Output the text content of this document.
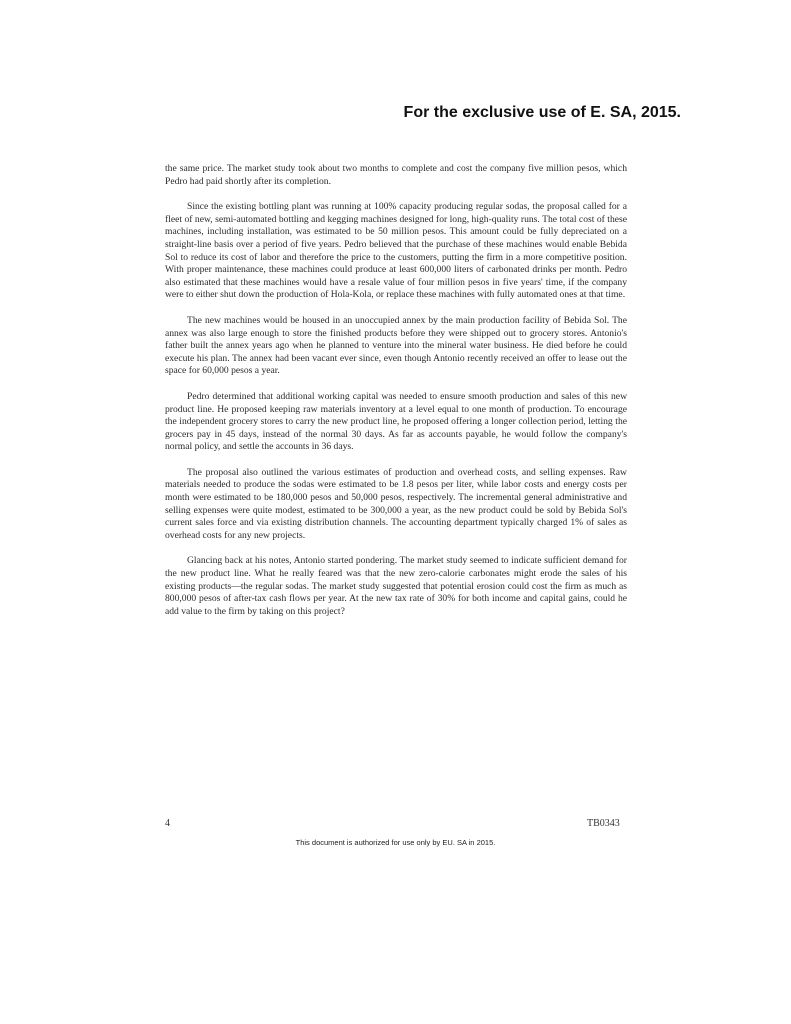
For the exclusive use of E. SA, 2015.

the same price. The market study took about two months to complete and cost the company five million pesos, which Pedro had paid shortly after its completion.

Since the existing bottling plant was running at 100% capacity producing regular sodas, the proposal called for a fleet of new, semi-automated bottling and kegging machines designed for long, high-quality runs. The total cost of these machines, including installation, was estimated to be 50 million pesos. This amount could be fully depreciated on a straight-line basis over a period of five years. Pedro believed that the purchase of these machines would enable Bebida Sol to reduce its cost of labor and therefore the price to the customers, putting the firm in a more competitive position. With proper maintenance, these machines could produce at least 600,000 liters of carbonated drinks per month. Pedro also estimated that these machines would have a resale value of four million pesos in five years' time, if the company were to either shut down the production of Hola-Kola, or replace these machines with fully automated ones at that time.

The new machines would be housed in an unoccupied annex by the main production facility of Bebida Sol. The annex was also large enough to store the finished products before they were shipped out to grocery stores. Antonio's father built the annex years ago when he planned to venture into the mineral water business. He died before he could execute his plan. The annex had been vacant ever since, even though Antonio recently received an offer to lease out the space for 60,000 pesos a year.

Pedro determined that additional working capital was needed to ensure smooth production and sales of this new product line. He proposed keeping raw materials inventory at a level equal to one month of production. To encourage the independent grocery stores to carry the new product line, he proposed offering a longer collection period, letting the grocers pay in 45 days, instead of the normal 30 days. As far as accounts payable, he would follow the company's normal policy, and settle the accounts in 36 days.

The proposal also outlined the various estimates of production and overhead costs, and selling expenses. Raw materials needed to produce the sodas were estimated to be 1.8 pesos per liter, while labor costs and energy costs per month were estimated to be 180,000 pesos and 50,000 pesos, respectively. The incremental general administrative and selling expenses were quite modest, estimated to be 300,000 a year, as the new product could be sold by Bebida Sol's current sales force and via existing distribution channels. The accounting department typically charged 1% of sales as overhead costs for any new projects.

Glancing back at his notes, Antonio started pondering. The market study seemed to indicate sufficient demand for the new product line. What he really feared was that the new zero-calorie carbonates might erode the sales of his existing products—the regular sodas. The market study suggested that potential erosion could cost the firm as much as 800,000 pesos of after-tax cash flows per year. At the new tax rate of 30% for both income and capital gains, could he add value to the firm by taking on this project?

4	TB0343
This document is authorized for use only by EU. SA in 2015.
